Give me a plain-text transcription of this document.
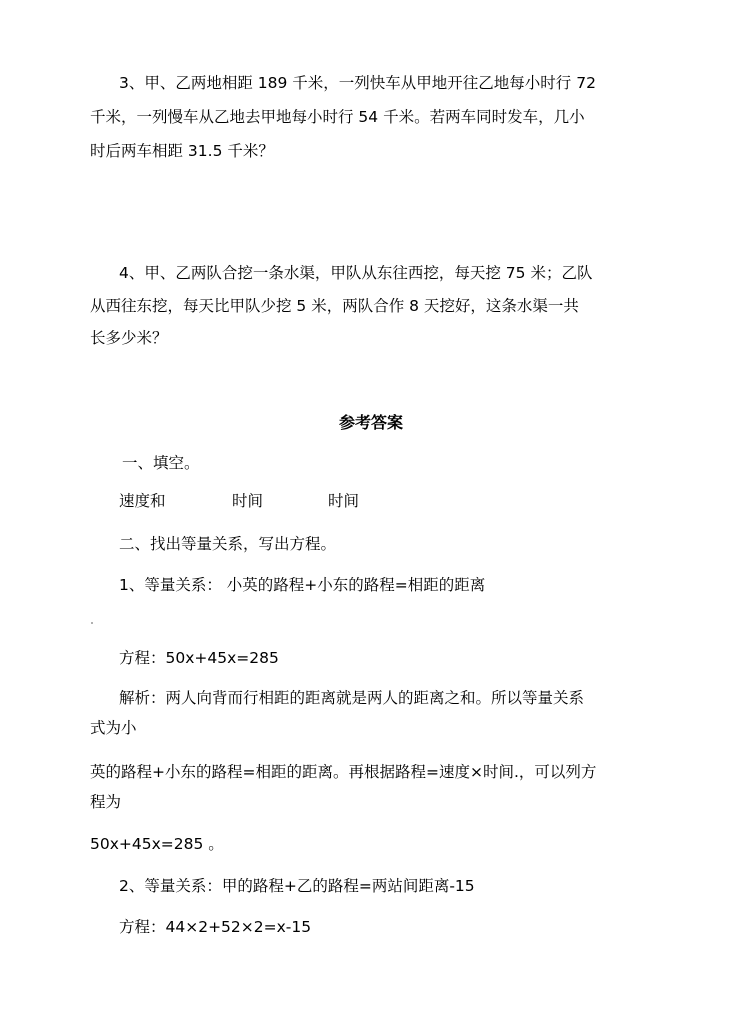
3、甲、乙两地相距 189 千米，一列快车从甲地开往乙地每小时行 72
千米，一列慢车从乙地去甲地每小时行 54 千米。若两车同时发车，几小
时后两车相距 31.5 千米？
4、甲、乙两队合挖一条水渠，甲队从东往西挖，每天挖 75 米；乙队
从西往东挖，每天比甲队少挖 5 米，两队合作 8 天挖好，这条水渠一共
长多少米？
参考答案
一、填空。
速度和	时间	时间
二、找出等量关系，写出方程。
1、等量关系： 小英的路程+小东的路程=相距的距离
方程：50x+45x=285
解析：两人向背而行相距的距离就是两人的距离之和。所以等量关系
式为小
英的路程+小东的路程=相距的距离。再根据路程=速度×时间.，可以列方
程为
50x+45x=285 。
2、等量关系：甲的路程+乙的路程=两站间距离-15
方程：44×2+52×2=x-15
